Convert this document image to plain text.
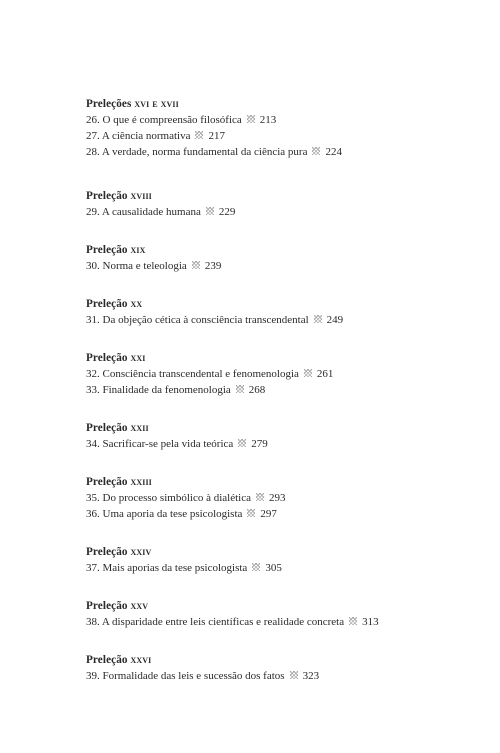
Preleções xvi e xvii
26. O que é compreensão filosófica 213
27. A ciência normativa 217
28. A verdade, norma fundamental da ciência pura 224
Preleção xviii
29. A causalidade humana 229
Preleção xix
30. Norma e teleologia 239
Preleção xx
31. Da objeção cética à consciência transcendental 249
Preleção xxi
32. Consciência transcendental e fenomenologia 261
33. Finalidade da fenomenologia 268
Preleção xxii
34. Sacrificar-se pela vida teórica 279
Preleção xxiii
35. Do processo simbólico à dialética 293
36. Uma aporia da tese psicologista 297
Preleção xxiv
37. Mais aporias da tese psicologista 305
Preleção xxv
38. A disparidade entre leis científicas e realidade concreta 313
Preleção xxvi
39. Formalidade das leis e sucessão dos fatos 323
